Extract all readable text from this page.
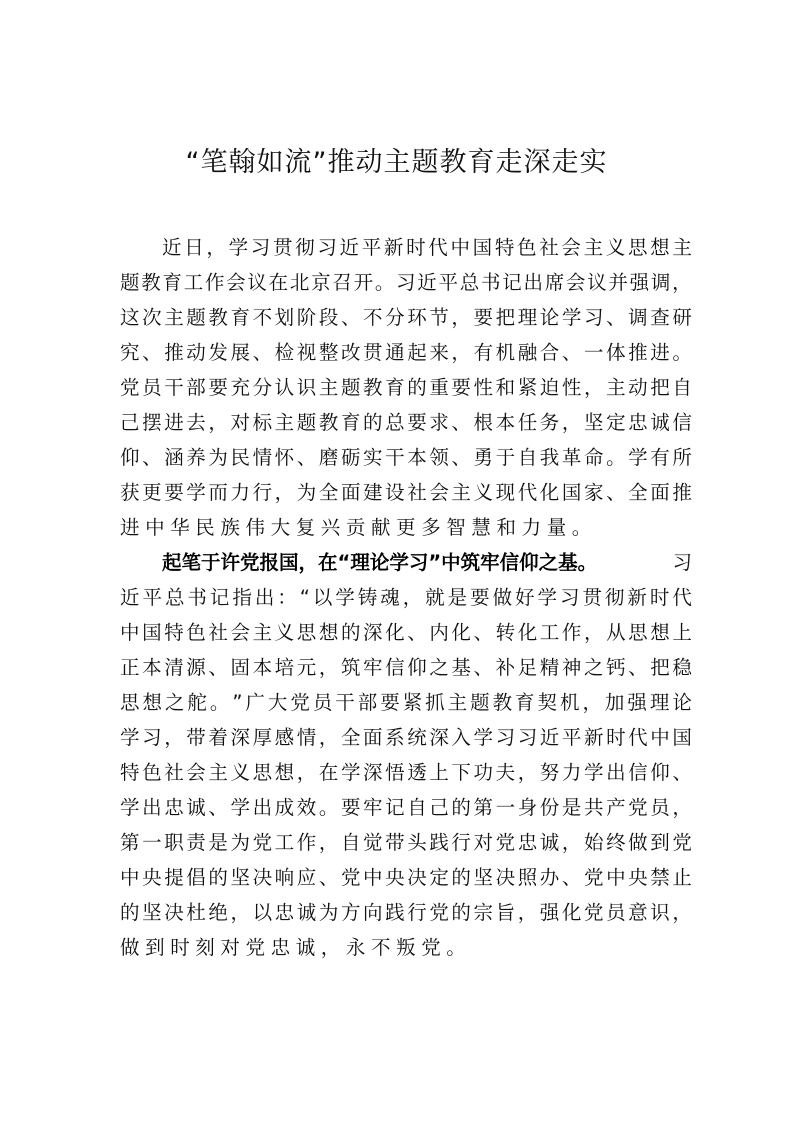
“笔翰如流”推动主题教育走深走实
近 日 ， 学 习 贯 彻 习 近 平 新 时 代 中 国 特 色 社 会 主 义 思 想 主
题 教 育 工 作 会 议 在 北 京 召 开 。 习 近 平 总 书 记 出 席 会 议 并 强 调 ，
这 次 主 题 教 育 不 划 阶 段 、 不 分 环 节 ， 要 把 理 论 学 习 、 调 查 研
究 、 推 动 发 展 、 检 视 整 改 贯 通 起 来 ， 有 机 融 合 、 一 体 推 进 。
党 员 干 部 要 充 分 认 识 主 题 教 育 的 重 要 性 和 紧 迫 性 ， 主 动 把 自
己 摆 进 去 ， 对 标 主 题 教 育 的 总 要 求 、 根 本 任 务 ， 坚 定 忠 诚 信
仰 、 涵 养 为 民 情 怀 、 磨 砺 实 干 本 领 、 勇 于 自 我 革 命 。 学 有 所
获 更 要 学 而 力 行 ， 为 全 面 建 设 社 会 主 义 现 代 化 国 家 、 全 面 推
进中华民族伟大复兴贡献更多智慧和力量。
起笔于许党报国，在“理论学习”中筑牢信仰之基。	习
近 平 总 书 记 指 出 ： “ 以 学 铸 魂 ， 就 是 要 做 好 学 习 贯 彻 新 时 代
中 国 特 色 社 会 主 义 思 想 的 深 化 、 内 化 、 转 化 工 作 ， 从 思 想 上
正 本 清 源 、 固 本 培 元 ， 筑 牢 信 仰 之 基 、 补 足 精 神 之 钙 、 把 稳
思 想 之 舵 。 ” 广 大 党 员 干 部 要 紧 抓 主 题 教 育 契 机 ， 加 强 理 论
学 习 ， 带 着 深 厚 感 情 ， 全 面 系 统 深 入 学 习 习 近 平 新 时 代 中 国
特 色 社 会 主 义 思 想 ， 在 学 深 悟 透 上 下 功 夫 ， 努 力 学 出 信 仰 、
学 出 忠 诚 、 学 出 成 效 。 要 牢 记 自 己 的 第 一 身 份 是 共 产 党 员 ，
第 一 职 责 是 为 党 工 作 ， 自 觉 带 头 践 行 对 党 忠 诚 ， 始 终 做 到 党
中 央 提 倡 的 坚 决 响 应 、 党 中 央 决 定 的 坚 决 照 办 、 党 中 央 禁 止
的 坚 决 杜 绝 ， 以 忠 诚 为 方 向 践 行 党 的 宗 旨 ， 强 化 党 员 意 识 ，
做到时刻对党忠诚，永不叛党。
